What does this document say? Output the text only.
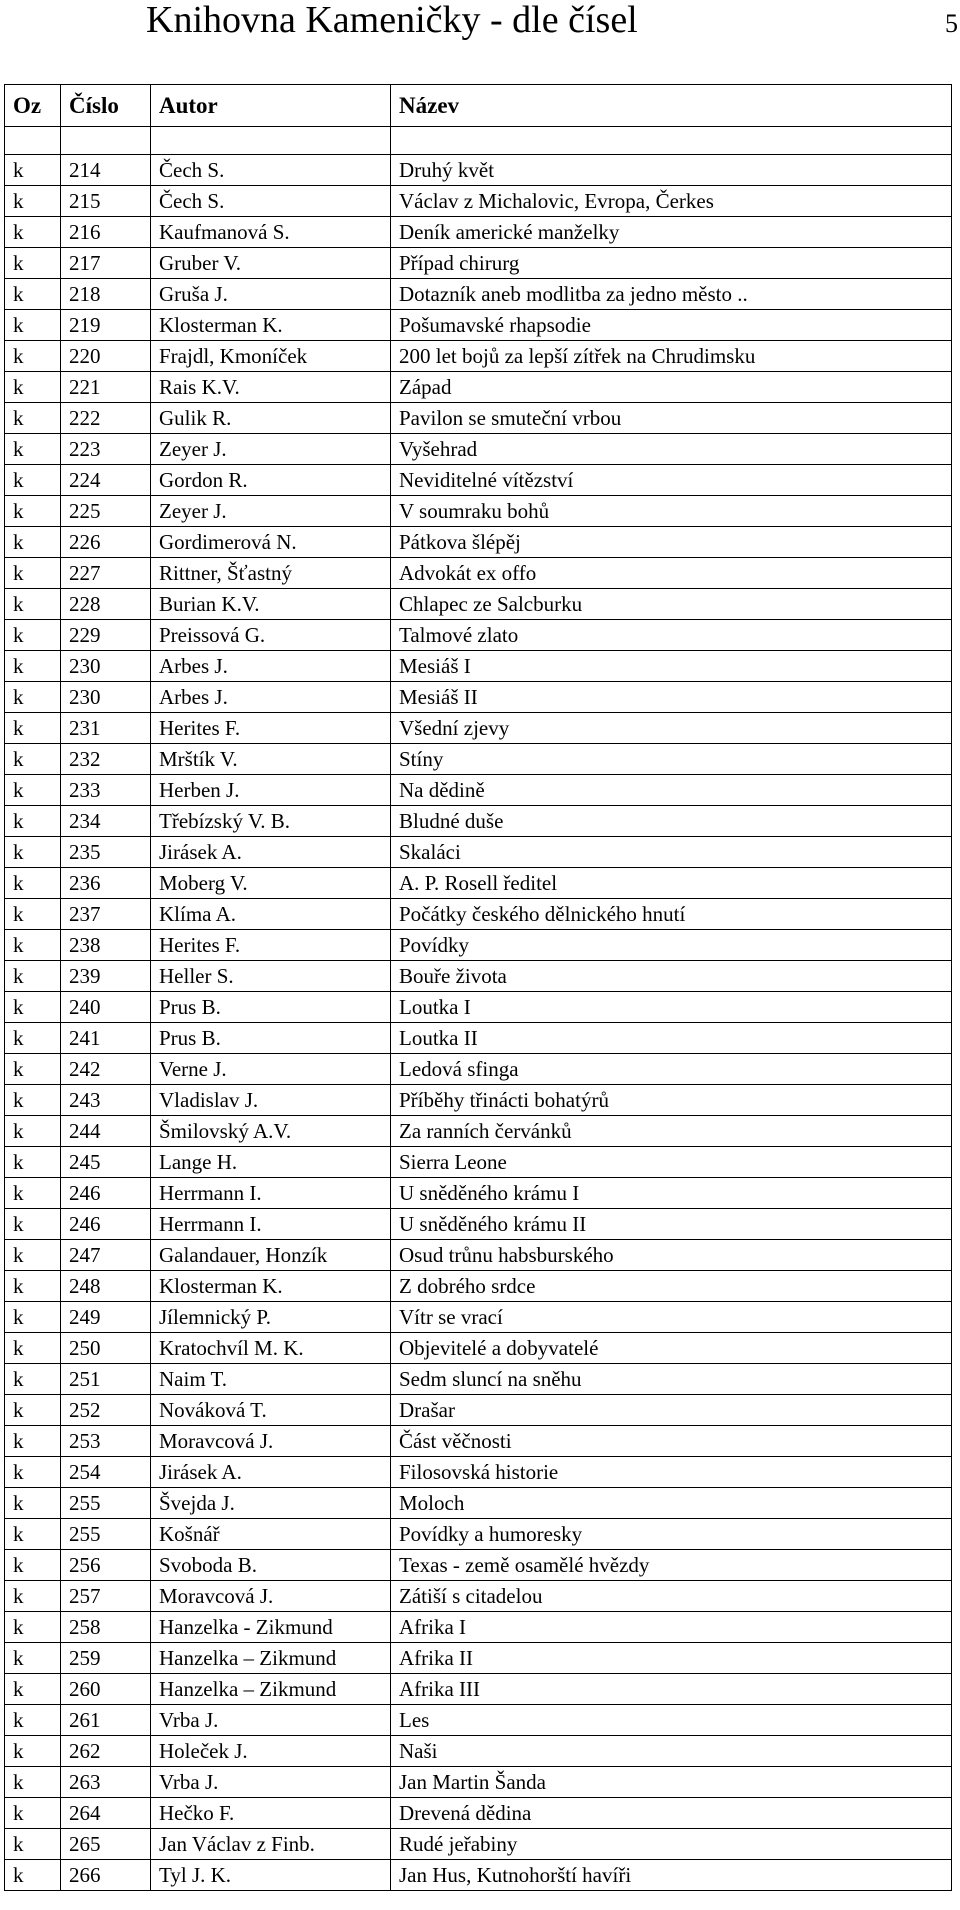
Knihovna Kameničky - dle čísel	5
Oz	Číslo	Autor	Název

k	214	Čech S.	Druhý květ
k	215	Čech S.	Václav z Michalovic, Evropa, Čerkes
k	216	Kaufmanová S.	Deník americké manželky
k	217	Gruber V.	Případ chirurg
k	218	Gruša J.	Dotazník aneb modlitba za jedno město ..
k	219	Klosterman K.	Pošumavské rhapsodie
k	220	Frajdl, Kmoníček	200 let bojů za lepší zítřek na Chrudimsku
k	221	Rais K.V.	Západ
k	222	Gulik R.	Pavilon se smuteční vrbou
k	223	Zeyer J.	Vyšehrad
k	224	Gordon R.	Neviditelné vítězství
k	225	Zeyer J.	V soumraku bohů
k	226	Gordimerová N.	Pátkova šlépěj
k	227	Rittner, Šťastný	Advokát ex offo
k	228	Burian K.V.	Chlapec ze Salcburku
k	229	Preissová G.	Talmové zlato
k	230	Arbes J.	Mesiáš I
k	230	Arbes J.	Mesiáš II
k	231	Herites F.	Všední zjevy
k	232	Mrštík V.	Stíny
k	233	Herben J.	Na dědině
k	234	Třebízský V. B.	Bludné duše
k	235	Jirásek A.	Skaláci
k	236	Moberg V.	A. P. Rosell ředitel
k	237	Klíma A.	Počátky českého dělnického hnutí
k	238	Herites F.	Povídky
k	239	Heller S.	Bouře života
k	240	Prus B.	Loutka I
k	241	Prus B.	Loutka II
k	242	Verne J.	Ledová sfinga
k	243	Vladislav J.	Příběhy třinácti bohatýrů
k	244	Šmilovský A.V.	Za ranních červánků
k	245	Lange H.	Sierra Leone
k	246	Herrmann I.	U sněděného krámu I
k	246	Herrmann I.	U sněděného krámu II
k	247	Galandauer, Honzík	Osud trůnu habsburského
k	248	Klosterman K.	Z dobrého srdce
k	249	Jílemnický P.	Vítr se vrací
k	250	Kratochvíl M. K.	Objevitelé a dobyvatelé
k	251	Naim T.	Sedm sluncí na sněhu
k	252	Nováková T.	Drašar
k	253	Moravcová J.	Část věčnosti
k	254	Jirásek A.	Filosovská historie
k	255	Švejda J.	Moloch
k	255	Košnář	Povídky a humoresky
k	256	Svoboda B.	Texas - země osamělé hvězdy
k	257	Moravcová J.	Zátiší s citadelou
k	258	Hanzelka - Zikmund	Afrika I
k	259	Hanzelka – Zikmund	Afrika II
k	260	Hanzelka – Zikmund	Afrika III
k	261	Vrba J.	Les
k	262	Holeček J.	Naši
k	263	Vrba J.	Jan Martin Šanda
k	264	Hečko F.	Drevená dědina
k	265	Jan Václav z Finb.	Rudé jeřabiny
k	266	Tyl J. K.	Jan Hus, Kutnohorští havíři
